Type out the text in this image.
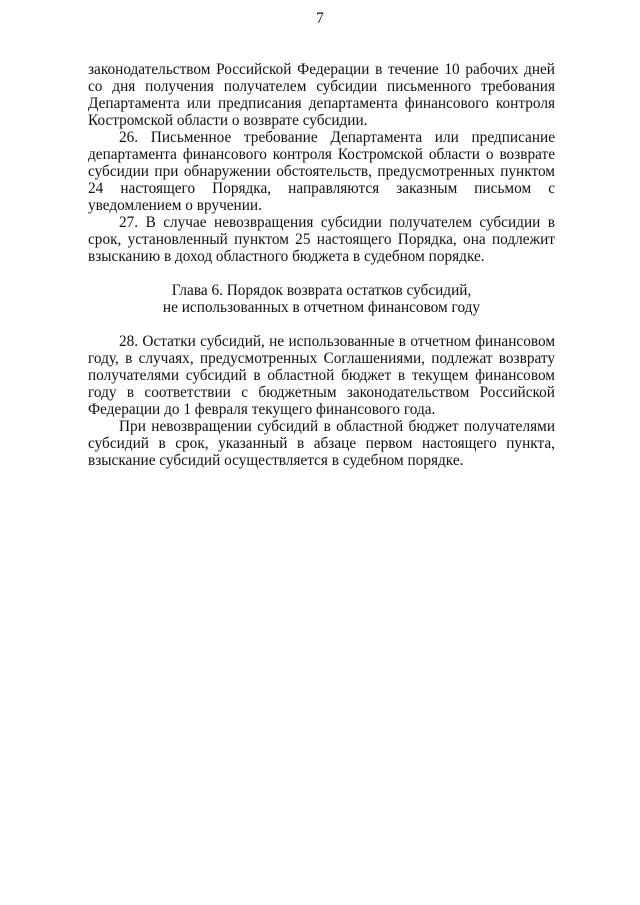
7

законодательством Российской Федерации в течение 10 рабочих дней со дня получения получателем субсидии письменного требования Департамента или предписания департамента финансового контроля Костромской области о возврате субсидии.

26. Письменное требование Департамента или предписание департамента финансового контроля Костромской области о возврате субсидии при обнаружении обстоятельств, предусмотренных пунктом 24 настоящего Порядка, направляются заказным письмом с уведомлением о вручении.

27. В случае невозвращения субсидии получателем субсидии в срок, установленный пунктом 25 настоящего Порядка, она подлежит взысканию в доход областного бюджета в судебном порядке.

Глава 6. Порядок возврата остатков субсидий,
не использованных в отчетном финансовом году

28. Остатки субсидий, не использованные в отчетном финансовом году, в случаях, предусмотренных Соглашениями, подлежат возврату получателями субсидий в областной бюджет в текущем финансовом году в соответствии с бюджетным законодательством Российской Федерации до 1 февраля текущего финансового года.

При невозвращении субсидий в областной бюджет получателями субсидий в срок, указанный в абзаце первом настоящего пункта, взыскание субсидий осуществляется в судебном порядке.
